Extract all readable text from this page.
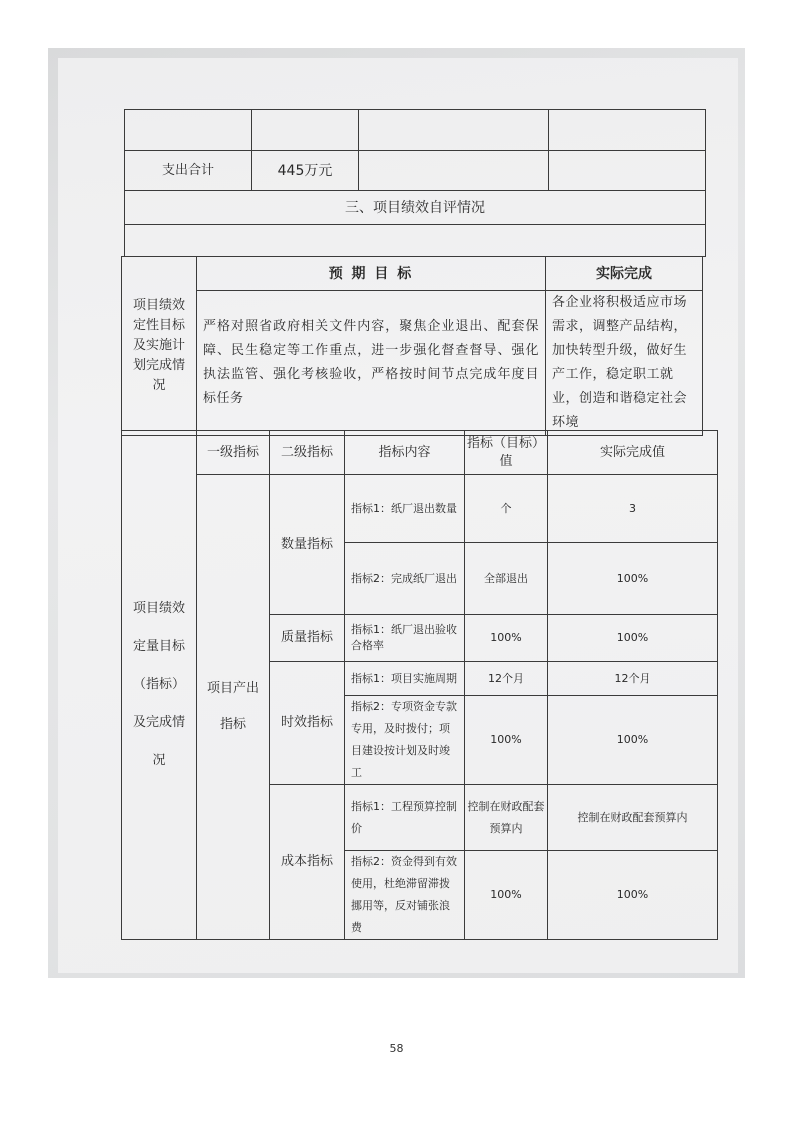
支出合计	445万元		
三、项目绩效自评情况			

项目绩效定性目标及实施计划完成情况	预 期 目 标	实际完成
	严格对照省政府相关文件内容，聚焦企业退出、配套保障、民生稳定等工作重点，进一步强化督查督导、强化执法监管、强化考核验收，严格按时间节点完成年度目标任务	各企业将积极适应市场需求，调整产品结构，加快转型升级，做好生产工作，稳定职工就业，创造和谐稳定社会环境
项目绩效定量目标（指标）及完成情况	一级指标	二级指标	指标内容	指标（目标）值	实际完成值
	项目产出指标	数量指标	指标1：纸厂退出数量	个	3
			指标2：完成纸厂退出	全部退出	100%
		质量指标	指标1：纸厂退出验收合格率	100%	100%
		时效指标	指标1：项目实施周期	12个月	12个月
			指标2：专项资金专款专用，及时拨付；项目建设按计划及时竣工	100%	100%
		成本指标	指标1：工程预算控制价	控制在财政配套预算内	控制在财政配套预算内
			指标2：资金得到有效使用，杜绝滞留滞拨挪用等，反对铺张浪费	100%	100%
58
